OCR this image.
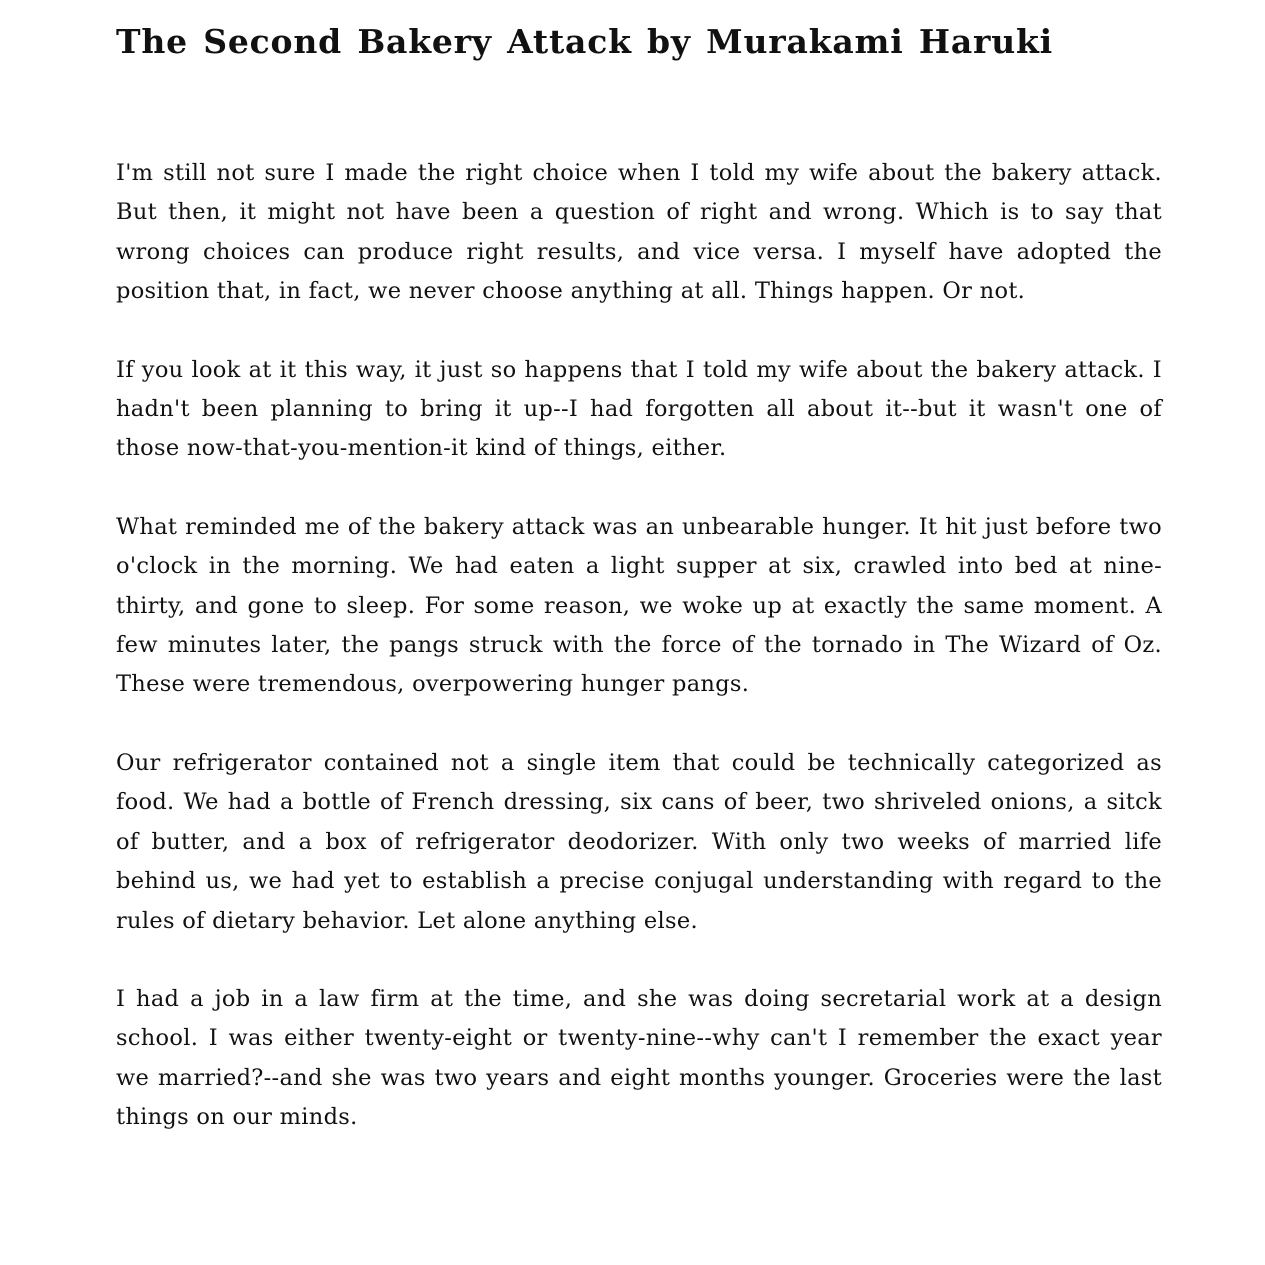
The Second Bakery Attack by Murakami Haruki

I'm still not sure I made the right choice when I told my wife about the bakery attack. But then, it might not have been a question of right and wrong. Which is to say that wrong choices can produce right results, and vice versa. I myself have adopted the position that, in fact, we never choose anything at all. Things happen. Or not.

If you look at it this way, it just so happens that I told my wife about the bakery attack. I hadn't been planning to bring it up--I had forgotten all about it--but it wasn't one of those now-that-you-mention-it kind of things, either.

What reminded me of the bakery attack was an unbearable hunger. It hit just before two o'clock in the morning. We had eaten a light supper at six, crawled into bed at nine-thirty, and gone to sleep. For some reason, we woke up at exactly the same moment. A few minutes later, the pangs struck with the force of the tornado in The Wizard of Oz. These were tremendous, overpowering hunger pangs.

Our refrigerator contained not a single item that could be technically categorized as food. We had a bottle of French dressing, six cans of beer, two shriveled onions, a sitck of butter, and a box of refrigerator deodorizer. With only two weeks of married life behind us, we had yet to establish a precise conjugal understanding with regard to the rules of dietary behavior. Let alone anything else.

I had a job in a law firm at the time, and she was doing secretarial work at a design school. I was either twenty-eight or twenty-nine--why can't I remember the exact year we married?--and she was two years and eight months younger. Groceries were the last things on our minds.
